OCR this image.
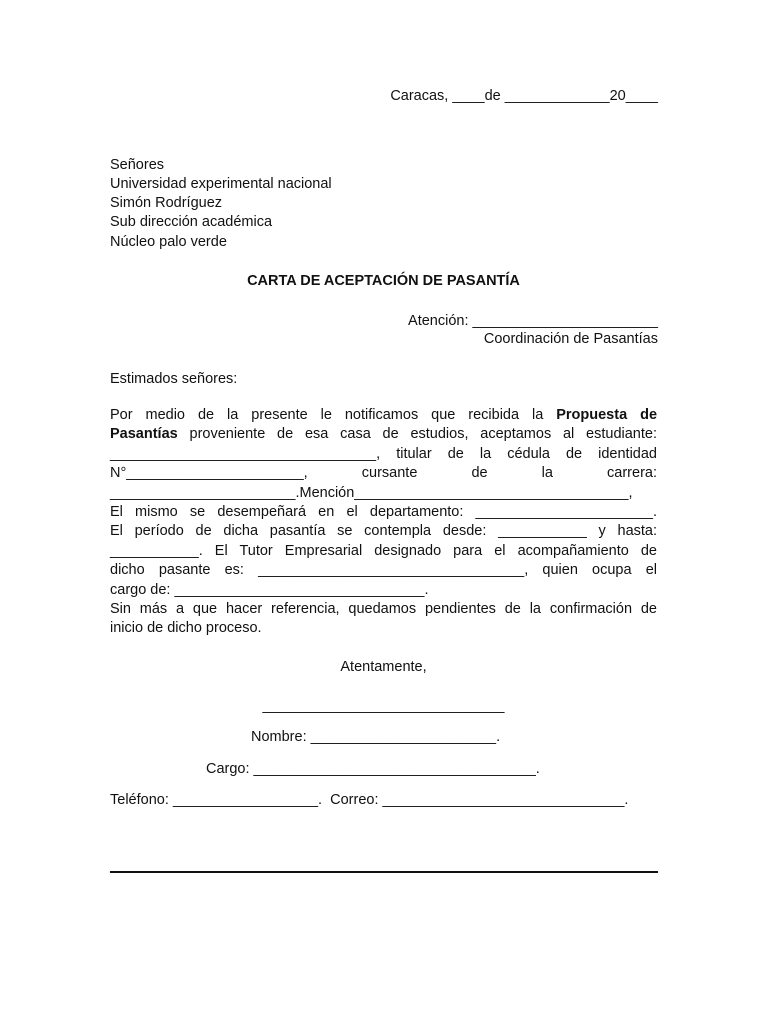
Caracas, ____de _____________20____
Señores
Universidad experimental nacional
Simón Rodríguez
Sub dirección académica
Núcleo palo verde
CARTA DE ACEPTACIÓN DE PASANTÍA
Atención: _______________________
Coordinación de Pasantías
Estimados señores:
Por medio de la presente le notificamos que recibida la Propuesta de
Pasantías proveniente de esa casa de estudios, aceptamos al estudiante:
_________________________________, titular de la cédula de identidad
N°______________________, cursante de la carrera:
_______________________.Mención__________________________________,
El mismo se desempeñará en el departamento: ______________________.
El período de dicha pasantía se contempla desde: ___________ y hasta:
___________. El Tutor Empresarial designado para el acompañamiento de
dicho pasante es: _________________________________, quien ocupa el
cargo de: _______________________________.
Sin más a que hacer referencia, quedamos pendientes de la confirmación de
inicio de dicho proceso.
Atentamente,
______________________________
Nombre: _______________________.
Cargo: ___________________________________.
Teléfono: __________________.  Correo: ______________________________.
